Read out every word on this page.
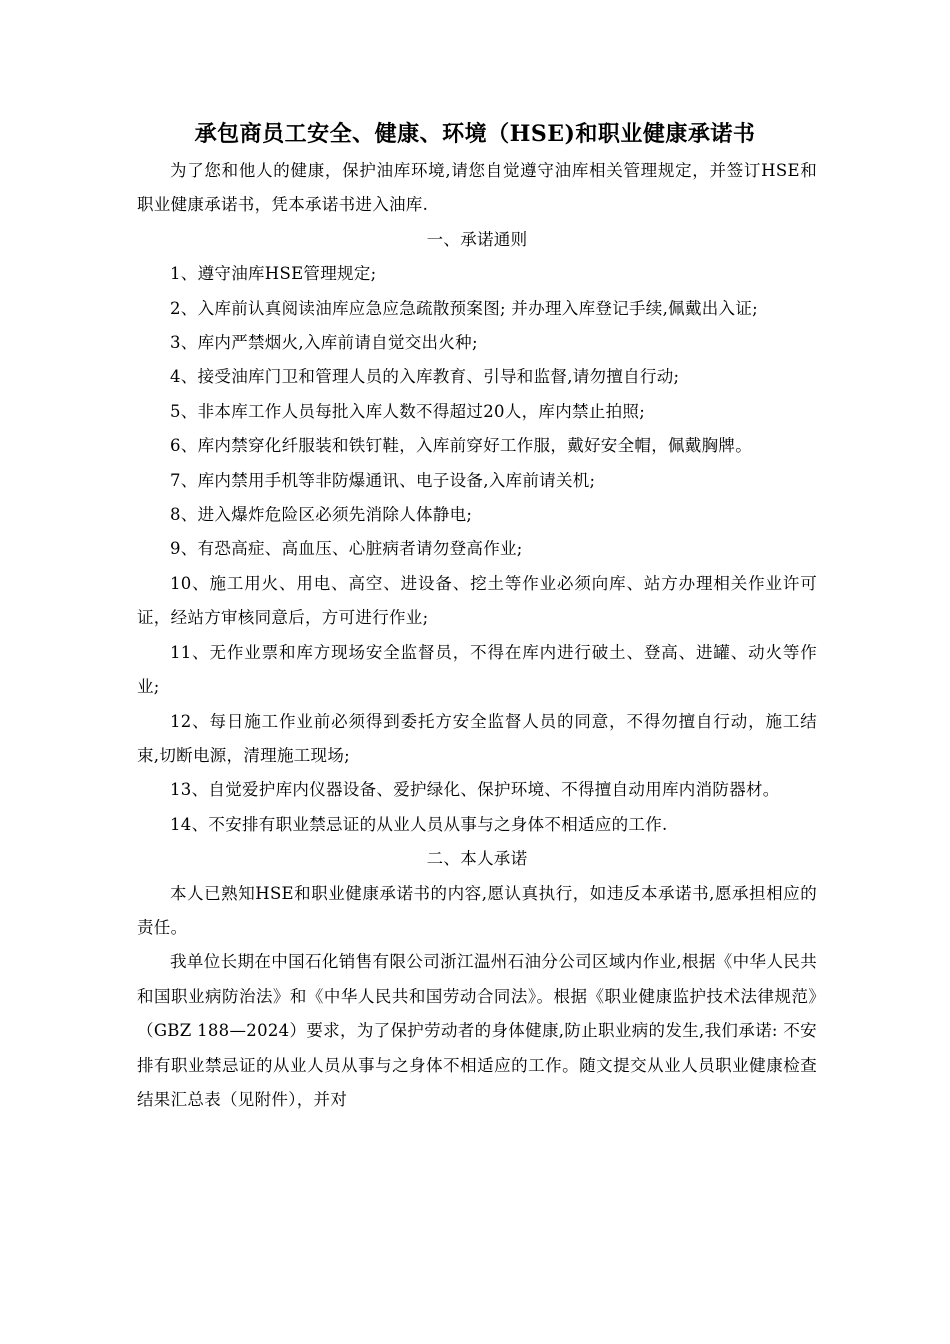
承包商员工安全、健康、环境（HSE)和职业健康承诺书

为了您和他人的健康，保护油库环境,请您自觉遵守油库相关管理规定，并签订HSE和职业健康承诺书，凭本承诺书进入油库.

一、承诺通则

1、遵守油库HSE管理规定;

2、入库前认真阅读油库应急应急疏散预案图; 并办理入库登记手续,佩戴出入证;

3、库内严禁烟火,入库前请自觉交出火种;

4、接受油库门卫和管理人员的入库教育、引导和监督,请勿擅自行动;

5、非本库工作人员每批入库人数不得超过20人，库内禁止拍照;

6、库内禁穿化纤服装和铁钉鞋，入库前穿好工作服，戴好安全帽，佩戴胸牌。

7、库内禁用手机等非防爆通讯、电子设备,入库前请关机;

8、进入爆炸危险区必须先消除人体静电;

9、有恐高症、高血压、心脏病者请勿登高作业;

10、施工用火、用电、高空、进设备、挖土等作业必须向库、站方办理相关作业许可证，经站方审核同意后，方可进行作业;

11、无作业票和库方现场安全监督员，不得在库内进行破土、登高、进罐、动火等作业;

12、每日施工作业前必须得到委托方安全监督人员的同意，不得勿擅自行动，施工结束,切断电源，清理施工现场;

13、自觉爱护库内仪器设备、爱护绿化、保护环境、不得擅自动用库内消防器材。

14、不安排有职业禁忌证的从业人员从事与之身体不相适应的工作.

二、本人承诺

本人已熟知HSE和职业健康承诺书的内容,愿认真执行，如违反本承诺书,愿承担相应的责任。

我单位长期在中国石化销售有限公司浙江温州石油分公司区域内作业,根据《中华人民共和国职业病防治法》和《中华人民共和国劳动合同法》。根据《职业健康监护技术法律规范》（GBZ 188—2024）要求，为了保护劳动者的身体健康,防止职业病的发生,我们承诺: 不安排有职业禁忌证的从业人员从事与之身体不相适应的工作。随文提交从业人员职业健康检查结果汇总表（见附件），并对
